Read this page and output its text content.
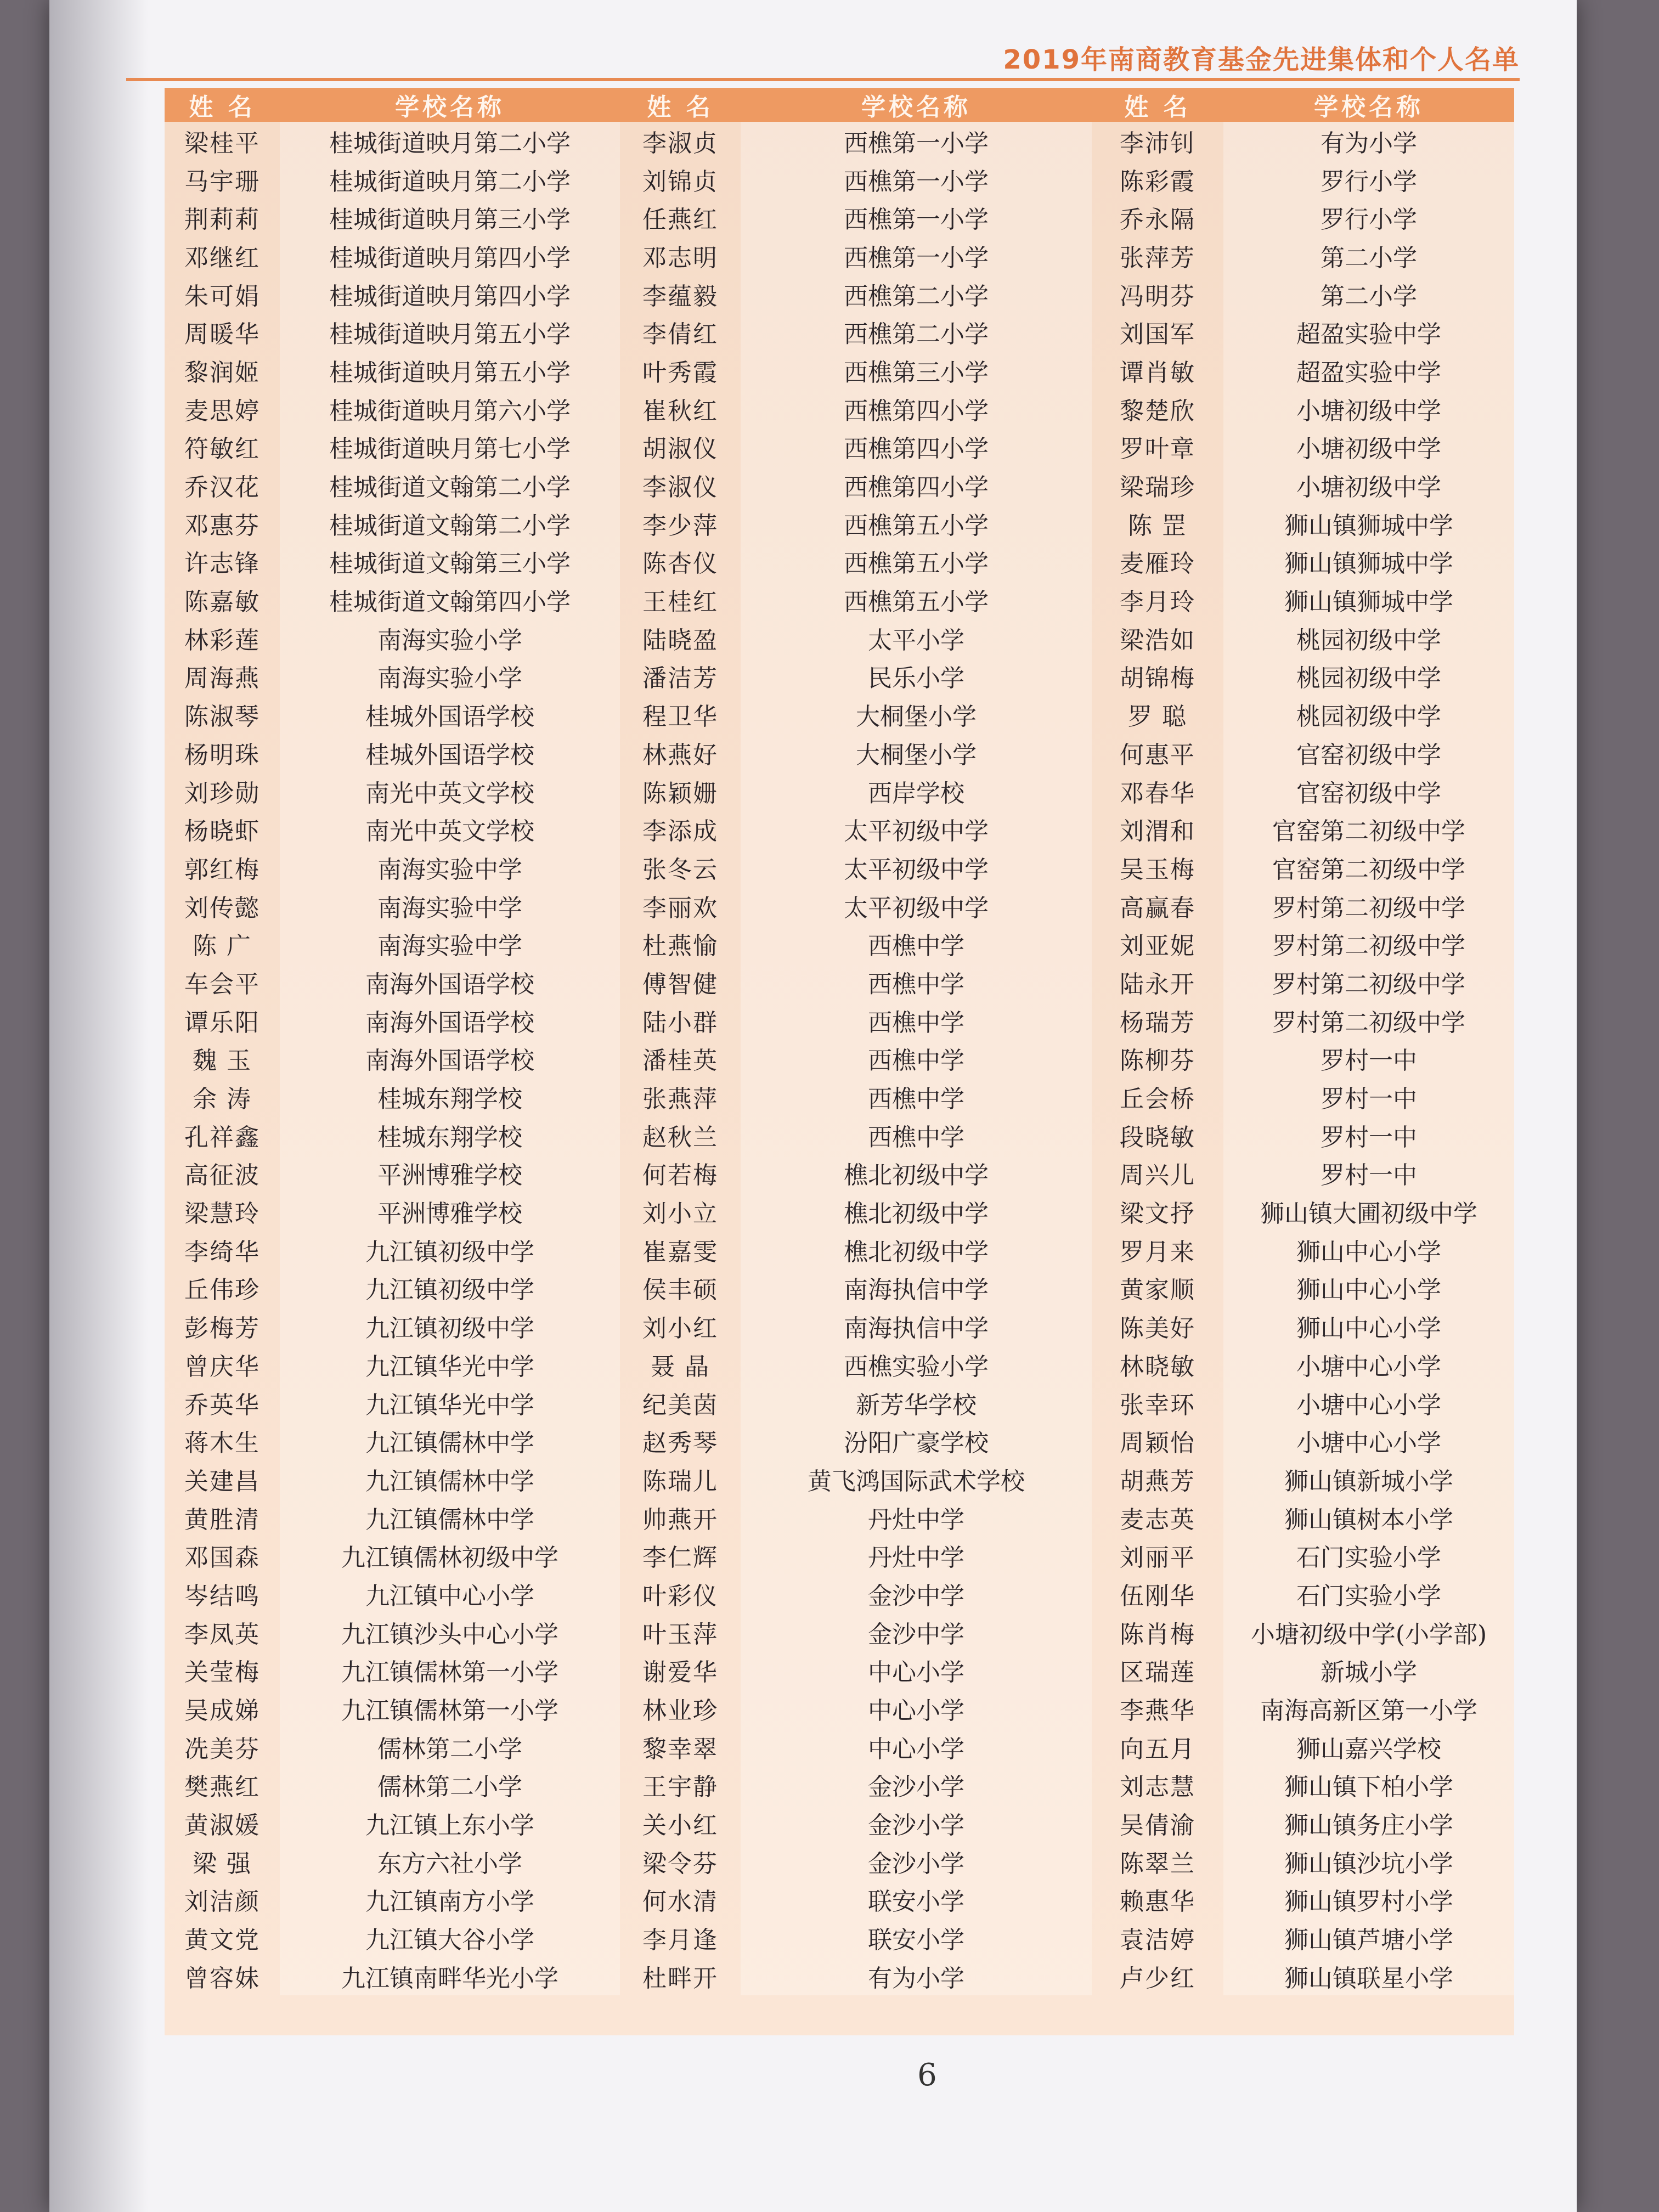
2019年南商教育基金先进集体和个人名单
姓 名	学校名称	姓 名	学校名称	姓 名	学校名称
梁桂平	桂城街道映月第二小学	李淑贞	西樵第一小学	李沛钊	有为小学
马宇珊	桂城街道映月第二小学	刘锦贞	西樵第一小学	陈彩霞	罗行小学
荆莉莉	桂城街道映月第三小学	任燕红	西樵第一小学	乔永隔	罗行小学
邓继红	桂城街道映月第四小学	邓志明	西樵第一小学	张萍芳	第二小学
朱可娟	桂城街道映月第四小学	李蕴毅	西樵第二小学	冯明芬	第二小学
周暖华	桂城街道映月第五小学	李倩红	西樵第二小学	刘国军	超盈实验中学
黎润姬	桂城街道映月第五小学	叶秀霞	西樵第三小学	谭肖敏	超盈实验中学
麦思婷	桂城街道映月第六小学	崔秋红	西樵第四小学	黎楚欣	小塘初级中学
符敏红	桂城街道映月第七小学	胡淑仪	西樵第四小学	罗叶章	小塘初级中学
乔汉花	桂城街道文翰第二小学	李淑仪	西樵第四小学	梁瑞珍	小塘初级中学
邓惠芬	桂城街道文翰第二小学	李少萍	西樵第五小学	陈 罡	狮山镇狮城中学
许志锋	桂城街道文翰第三小学	陈杏仪	西樵第五小学	麦雁玲	狮山镇狮城中学
陈嘉敏	桂城街道文翰第四小学	王桂红	西樵第五小学	李月玲	狮山镇狮城中学
林彩莲	南海实验小学	陆晓盈	太平小学	梁浩如	桃园初级中学
周海燕	南海实验小学	潘洁芳	民乐小学	胡锦梅	桃园初级中学
陈淑琴	桂城外国语学校	程卫华	大桐堡小学	罗 聪	桃园初级中学
杨明珠	桂城外国语学校	林燕好	大桐堡小学	何惠平	官窑初级中学
刘珍勋	南光中英文学校	陈颖姗	西岸学校	邓春华	官窑初级中学
杨晓虾	南光中英文学校	李添成	太平初级中学	刘渭和	官窑第二初级中学
郭红梅	南海实验中学	张冬云	太平初级中学	吴玉梅	官窑第二初级中学
刘传懿	南海实验中学	李丽欢	太平初级中学	高赢春	罗村第二初级中学
陈 广	南海实验中学	杜燕愉	西樵中学	刘亚妮	罗村第二初级中学
车会平	南海外国语学校	傅智健	西樵中学	陆永开	罗村第二初级中学
谭乐阳	南海外国语学校	陆小群	西樵中学	杨瑞芳	罗村第二初级中学
魏 玉	南海外国语学校	潘桂英	西樵中学	陈柳芬	罗村一中
余 涛	桂城东翔学校	张燕萍	西樵中学	丘会桥	罗村一中
孔祥鑫	桂城东翔学校	赵秋兰	西樵中学	段晓敏	罗村一中
高征波	平洲博雅学校	何若梅	樵北初级中学	周兴儿	罗村一中
梁慧玲	平洲博雅学校	刘小立	樵北初级中学	梁文抒	狮山镇大圃初级中学
李绮华	九江镇初级中学	崔嘉雯	樵北初级中学	罗月来	狮山中心小学
丘伟珍	九江镇初级中学	侯丰硕	南海执信中学	黄家顺	狮山中心小学
彭梅芳	九江镇初级中学	刘小红	南海执信中学	陈美好	狮山中心小学
曾庆华	九江镇华光中学	聂 晶	西樵实验小学	林晓敏	小塘中心小学
乔英华	九江镇华光中学	纪美茵	新芳华学校	张幸环	小塘中心小学
蒋木生	九江镇儒林中学	赵秀琴	汾阳广豪学校	周颖怡	小塘中心小学
关建昌	九江镇儒林中学	陈瑞儿	黄飞鸿国际武术学校	胡燕芳	狮山镇新城小学
黄胜清	九江镇儒林中学	帅燕开	丹灶中学	麦志英	狮山镇树本小学
邓国森	九江镇儒林初级中学	李仁辉	丹灶中学	刘丽平	石门实验小学
岑结鸣	九江镇中心小学	叶彩仪	金沙中学	伍刚华	石门实验小学
李凤英	九江镇沙头中心小学	叶玉萍	金沙中学	陈肖梅	小塘初级中学(小学部)
关莹梅	九江镇儒林第一小学	谢爱华	中心小学	区瑞莲	新城小学
吴成娣	九江镇儒林第一小学	林业珍	中心小学	李燕华	南海高新区第一小学
冼美芬	儒林第二小学	黎幸翠	中心小学	向五月	狮山嘉兴学校
樊燕红	儒林第二小学	王宇静	金沙小学	刘志慧	狮山镇下柏小学
黄淑媛	九江镇上东小学	关小红	金沙小学	吴倩渝	狮山镇务庄小学
梁 强	东方六社小学	梁令芬	金沙小学	陈翠兰	狮山镇沙坑小学
刘洁颜	九江镇南方小学	何水清	联安小学	赖惠华	狮山镇罗村小学
黄文党	九江镇大谷小学	李月逢	联安小学	袁洁婷	狮山镇芦塘小学
曾容妹	九江镇南畔华光小学	杜畔开	有为小学	卢少红	狮山镇联星小学
6
